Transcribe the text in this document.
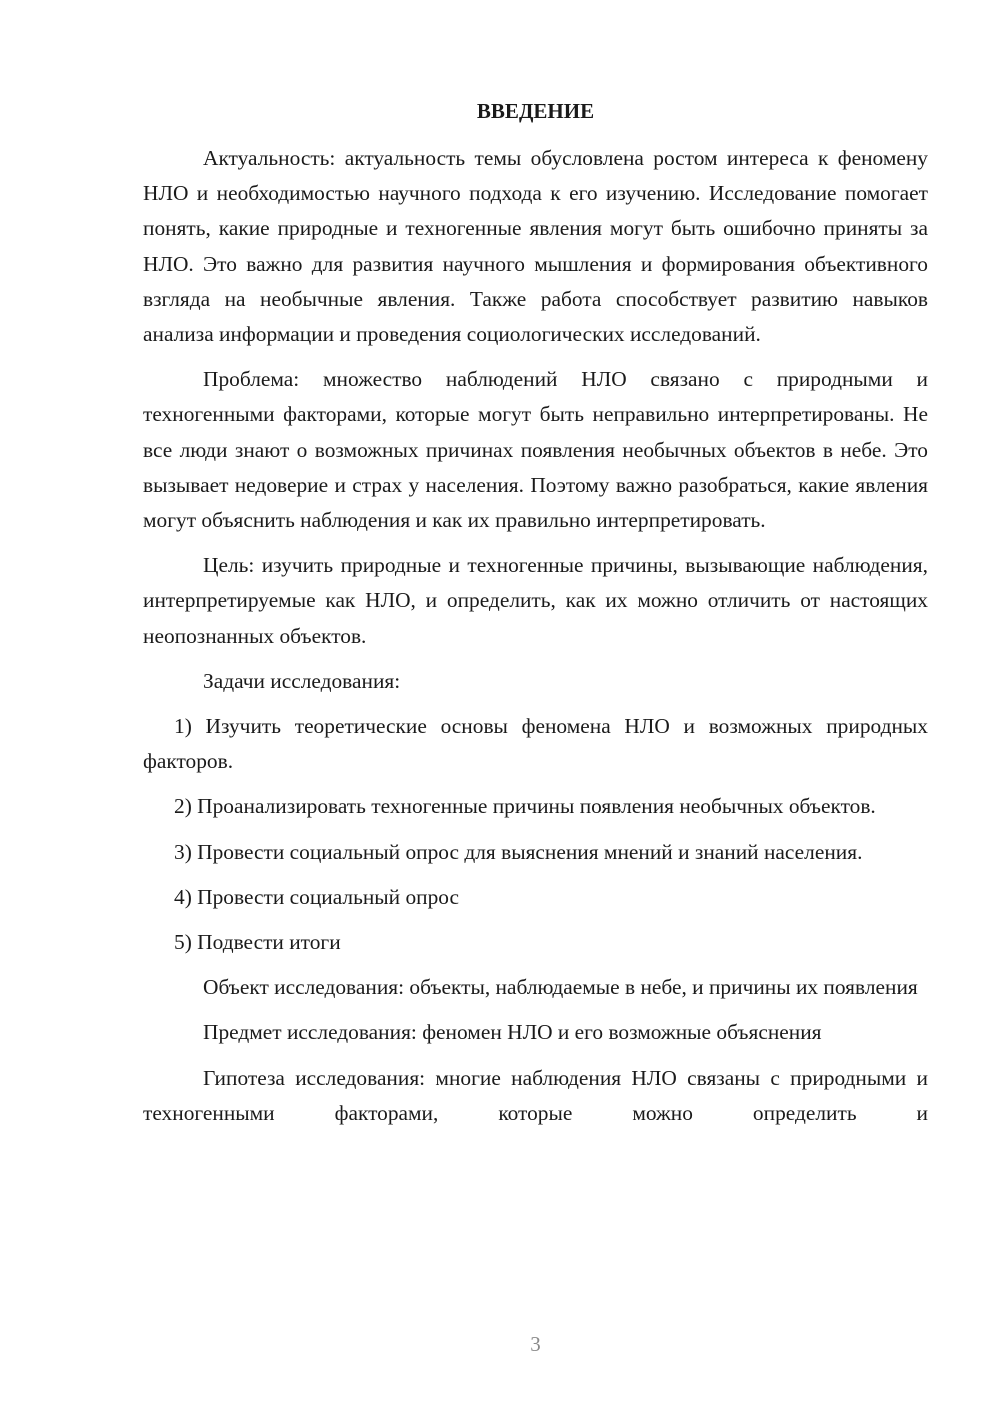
ВВЕДЕНИЕ

Актуальность: актуальность темы обусловлена ростом интереса к феномену НЛО и необходимостью научного подхода к его изучению. Исследование помогает понять, какие природные и техногенные явления могут быть ошибочно приняты за НЛО. Это важно для развития научного мышления и формирования объективного взгляда на необычные явления. Также работа способствует развитию навыков анализа информации и проведения социологических исследований.

Проблема: множество наблюдений НЛО связано с природными и техногенными факторами, которые могут быть неправильно интерпретированы. Не все люди знают о возможных причинах появления необычных объектов в небе. Это вызывает недоверие и страх у населения. Поэтому важно разобраться, какие явления могут объяснить наблюдения и как их правильно интерпретировать.

Цель: изучить природные и техногенные причины, вызывающие наблюдения, интерпретируемые как НЛО, и определить, как их можно отличить от настоящих неопознанных объектов.

Задачи исследования:

1) Изучить теоретические основы феномена НЛО и возможных природных факторов.

2) Проанализировать техногенные причины появления необычных объектов.

3) Провести социальный опрос для выяснения мнений и знаний населения.

4) Провести социальный опрос

5) Подвести итоги

Объект исследования: объекты, наблюдаемые в небе, и причины их появления

Предмет исследования: феномен НЛО и его возможные объяснения

Гипотеза исследования: многие наблюдения НЛО связаны с природными и техногенными факторами, которые можно определить и

3
